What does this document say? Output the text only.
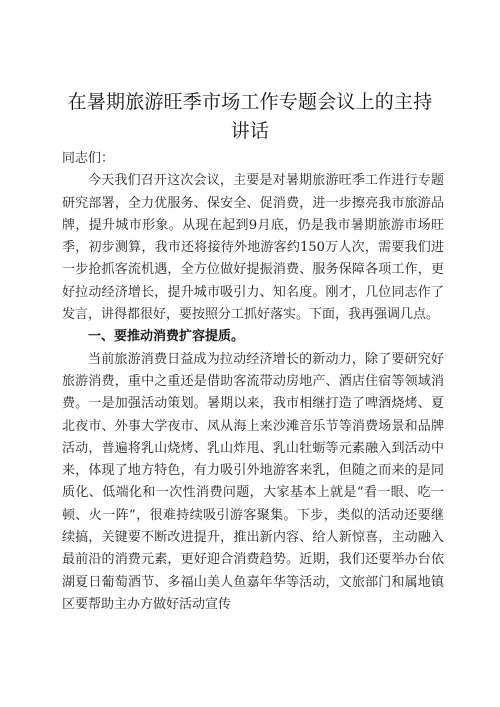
在暑期旅游旺季市场工作专题会议上的主持讲话

同志们：

今天我们召开这次会议，主要是对暑期旅游旺季工作进行专题研究部署，全力优服务、保安全、促消费，进一步擦亮我市旅游品牌，提升城市形象。从现在起到9月底，仍是我市暑期旅游市场旺季，初步测算，我市还将接待外地游客约150万人次，需要我们进一步抢抓客流机遇，全方位做好提振消费、服务保障各项工作，更好拉动经济增长，提升城市吸引力、知名度。刚才，几位同志作了发言，讲得都很好，要按照分工抓好落实。下面，我再强调几点。

一、要推动消费扩容提质。

当前旅游消费日益成为拉动经济增长的新动力，除了要研究好旅游消费，重中之重还是借助客流带动房地产、酒店住宿等领域消费。一是加强活动策划。暑期以来，我市相继打造了啤酒烧烤、夏北夜市、外事大学夜市、凤从海上来沙滩音乐节等消费场景和品牌活动，普遍将乳山烧烤、乳山炸甩、乳山牡蛎等元素融入到活动中来，体现了地方特色，有力吸引外地游客来乳，但随之而来的是同质化、低端化和一次性消费问题，大家基本上就是“看一眼、吃一顿、火一阵”，很难持续吸引游客聚集。下步，类似的活动还要继续搞，关键要不断改进提升，推出新内容、给人新惊喜，主动融入最前沿的消费元素，更好迎合消费趋势。近期，我们还要举办台依湖夏日葡萄酒节、多福山美人鱼嘉年华等活动，文旅部门和属地镇区要帮助主办方做好活动宣传
